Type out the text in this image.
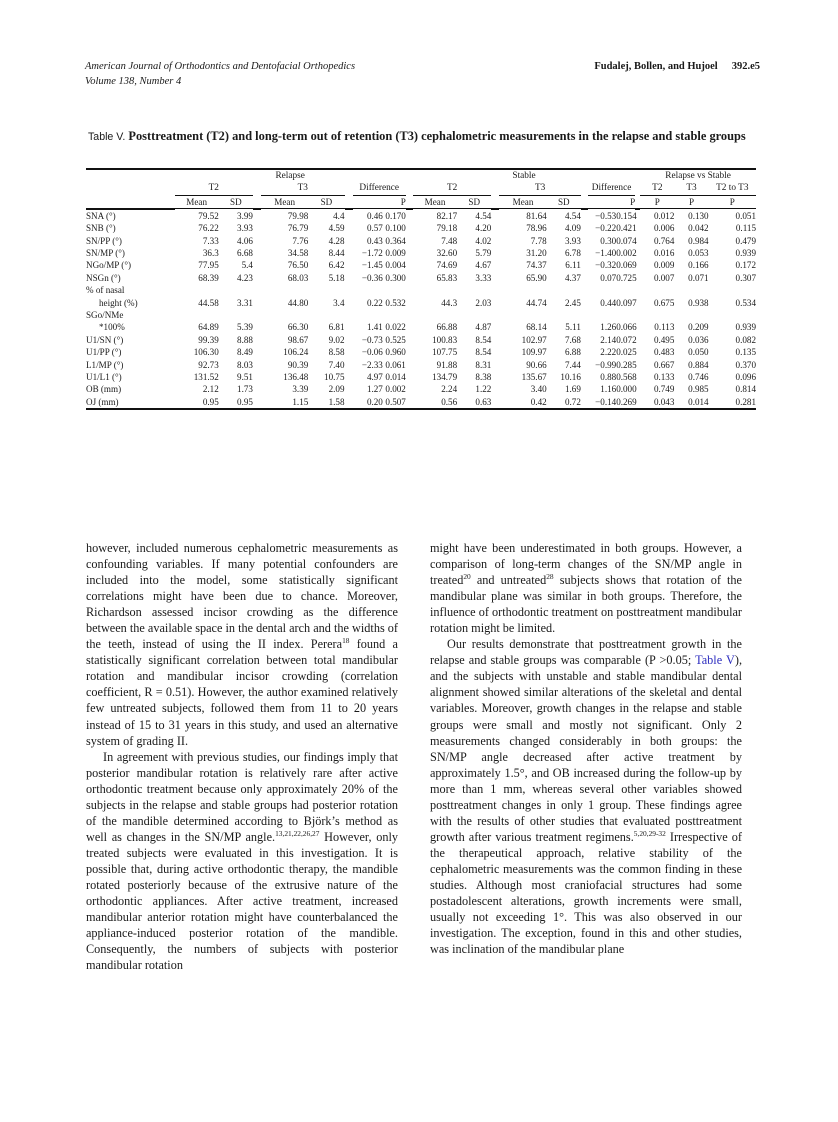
American Journal of Orthodontics and Dentofacial Orthopedics
Volume 138, Number 4
Fudalej, Bollen, and Hujoel 392.e5
Table V. Posttreatment (T2) and long-term out of retention (T3) cephalometric measurements in the relapse and stable groups
	Relapse								Stable								Relapse vs Stable		
	T2			T3			Difference		T2			T3			Difference		T2	T3	T2 to T3
	Mean	SD		Mean	SD		P		Mean	SD		Mean	SD		P		P	P	P
SNA (°)	79.52	3.99		79.98	4.4		0.46 0.170		82.17	4.54		81.64	4.54		−0.530.154		0.012	0.130	0.051
SNB (°)	76.22	3.93		76.79	4.59		0.57 0.100		79.18	4.20		78.96	4.09		−0.220.421		0.006	0.042	0.115
SN/PP (°)	7.33	4.06		7.76	4.28		0.43 0.364		7.48	4.02		7.78	3.93		0.300.074		0.764	0.984	0.479
SN/MP (°)	36.3	6.68		34.58	8.44		−1.72 0.009		32.60	5.79		31.20	6.78		−1.400.002		0.016	0.053	0.939
NGo/MP (°)	77.95	5.4		76.50	6.42		−1.45 0.004		74.69	4.67		74.37	6.11		−0.320.069		0.009	0.166	0.172
NSGn (°)	68.39	4.23		68.03	5.18		−0.36 0.300		65.83	3.33		65.90	4.37		0.070.725		0.007	0.071	0.307
% of nasal
height (%)	44.58	3.31		44.80	3.4		0.22 0.532		44.3	2.03		44.74	2.45		0.440.097		0.675	0.938	0.534
SGo/NMe
*100%	64.89	5.39		66.30	6.81		1.41 0.022		66.88	4.87		68.14	5.11		1.260.066		0.113	0.209	0.939
U1/SN (°)	99.39	8.88		98.67	9.02		−0.73 0.525		100.83	8.54		102.97	7.68		2.140.072		0.495	0.036	0.082
U1/PP (°)	106.30	8.49		106.24	8.58		−0.06 0.960		107.75	8.54		109.97	6.88		2.220.025		0.483	0.050	0.135
L1/MP (°)	92.73	8.03		90.39	7.40		−2.33 0.061		91.88	8.31		90.66	7.44		−0.990.285		0.667	0.884	0.370
U1/L1 (°)	131.52	9.51		136.48	10.75		4.97 0.014		134.79	8.38		135.67	10.16		0.880.568		0.133	0.746	0.096
OB (mm)	2.12	1.73		3.39	2.09		1.27 0.002		2.24	1.22		3.40	1.69		1.160.000		0.749	0.985	0.814
OJ (mm)	0.95	0.95		1.15	1.58		0.20 0.507		0.56	0.63		0.42	0.72		−0.140.269		0.043	0.014	0.281

however, included numerous cephalometric measurements as confounding variables. If many potential confounders are included into the model, some statistically significant correlations might have been due to chance. Moreover, Richardson assessed incisor crowding as the difference between the available space in the dental arch and the widths of the teeth, instead of using the II index. Perera$^{18}$ found a statistically significant correlation between total mandibular rotation and mandibular incisor crowding (correlation coefficient, R = 0.51). However, the author examined relatively few untreated subjects, followed them from 11 to 20 years instead of 15 to 31 years in this study, and used an alternative system of grading II.

In agreement with previous studies, our findings imply that posterior mandibular rotation is relatively rare after active orthodontic treatment because only approximately 20% of the subjects in the relapse and stable groups had posterior rotation of the mandible determined according to Björk’s method as well as changes in the SN/MP angle.$^{13,21,22,26,27}$ However, only treated subjects were evaluated in this investigation. It is possible that, during active orthodontic therapy, the mandible rotated posteriorly because of the extrusive nature of the orthodontic appliances. After active treatment, increased mandibular anterior rotation might have counterbalanced the appliance-induced posterior rotation of the mandible. Consequently, the numbers of subjects with posterior mandibular rotation

might have been underestimated in both groups. However, a comparison of long-term changes of the SN/MP angle in treated$^{20}$ and untreated$^{28}$ subjects shows that rotation of the mandibular plane was similar in both groups. Therefore, the influence of orthodontic treatment on posttreatment mandibular rotation might be limited.

Our results demonstrate that posttreatment growth in the relapse and stable groups was comparable (P >0.05; Table V), and the subjects with unstable and stable mandibular dental alignment showed similar alterations of the skeletal and dental variables. Moreover, growth changes in the relapse and stable groups were small and mostly not significant. Only 2 measurements changed considerably in both groups: the SN/MP angle decreased after active treatment by approximately 1.5°, and OB increased during the follow-up by more than 1 mm, whereas several other variables showed posttreatment changes in only 1 group. These findings agree with the results of other studies that evaluated posttreatment growth after various treatment regimens.$^{5,20,29-32}$ Irrespective of the therapeutical approach, relative stability of the cephalometric measurements was the common finding in these studies. Although most craniofacial structures had some postadolescent alterations, growth increments were small, usually not exceeding 1°. This was also observed in our investigation. The exception, found in this and other studies, was inclination of the mandibular plane
